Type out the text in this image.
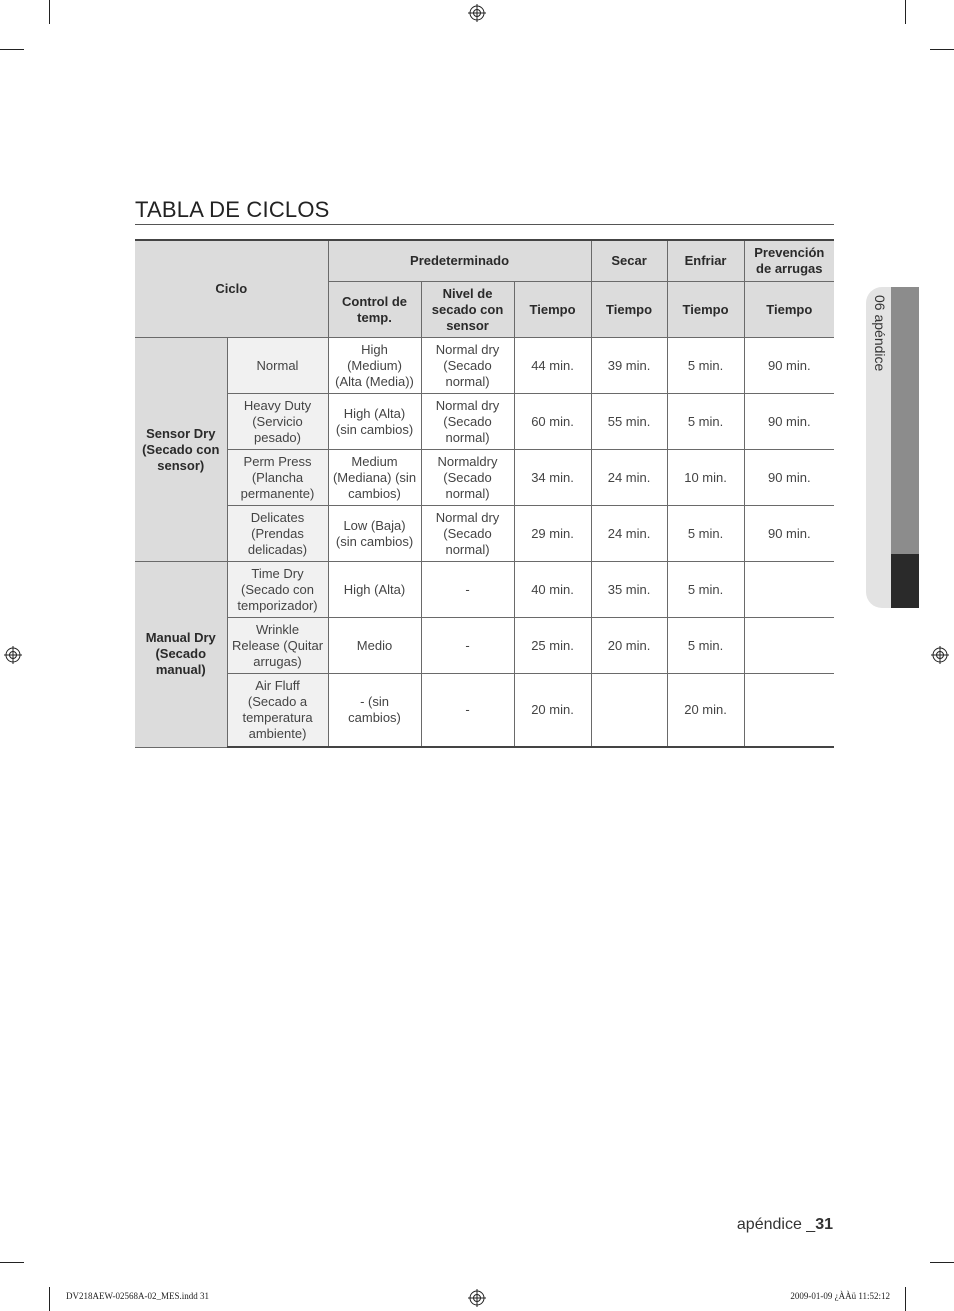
TABLA DE CICLOS
Ciclo		Predeterminado			Secar	Enfriar	Prevención de arrugas
		Control de temp.	Nivel de secado con sensor	Tiempo	Tiempo	Tiempo	Tiempo
Sensor Dry (Secado con sensor)	Normal	High (Medium) (Alta (Media))	Normal dry (Secado normal)	44 min.	39 min.	5 min.	90 min.
	Heavy Duty (Servicio pesado)	High (Alta) (sin cambios)	Normal dry (Secado normal)	60 min.	55 min.	5 min.	90 min.
	Perm Press (Plancha permanente)	Medium (Mediana) (sin cambios)	Normaldry (Secado normal)	34 min.	24 min.	10 min.	90 min.
	Delicates (Prendas delicadas)	Low (Baja) (sin cambios)	Normal dry (Secado normal)	29 min.	24 min.	5 min.	90 min.
Manual Dry (Secado manual)	Time Dry (Secado con temporizador)	High (Alta)	-	40 min.	35 min.	5 min.	
	Wrinkle Release (Quitar arrugas)	Medio	-	25 min.	20 min.	5 min.	
	Air Fluff (Secado a temperatura ambiente)	- (sin cambios)	-	20 min.		20 min.	
06 apéndice
apéndice _31
DV218AEW-02568A-02_MES.indd 31	2009-01-09 ¿ÀÀü 11:52:12
